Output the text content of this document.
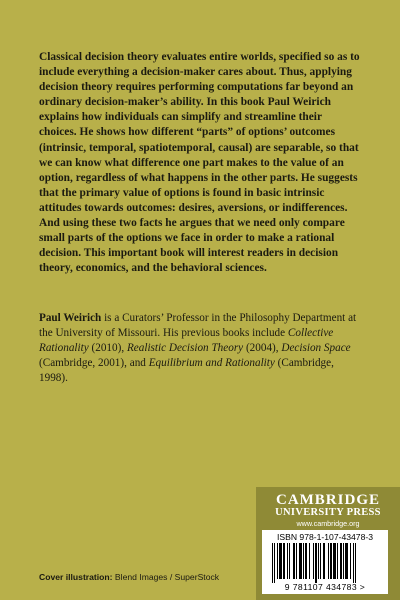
Classical decision theory evaluates entire worlds, specified so as to include everything a decision-maker cares about. Thus, applying decision theory requires performing computations far beyond an ordinary decision-maker’s ability. In this book Paul Weirich explains how individuals can simplify and streamline their choices. He shows how different “parts” of options’ outcomes (intrinsic, temporal, spatiotemporal, causal) are separable, so that we can know what difference one part makes to the value of an option, regardless of what happens in the other parts. He suggests that the primary value of options is found in basic intrinsic attitudes towards outcomes: desires, aversions, or indifferences. And using these two facts he argues that we need only compare small parts of the options we face in order to make a rational decision. This important book will interest readers in decision theory, economics, and the behavioral sciences.

Paul Weirich is a Curators’ Professor in the Philosophy Department at the University of Missouri. His previous books include Collective Rationality (2010), Realistic Decision Theory (2004), Decision Space (Cambridge, 2001), and Equilibrium and Rationality (Cambridge, 1998).

Cover illustration: Blend Images / SuperStock
CAMBRIDGE
UNIVERSITY PRESS
www.cambridge.org
ISBN 978-1-107-43478-3
9 781107 434783 >
